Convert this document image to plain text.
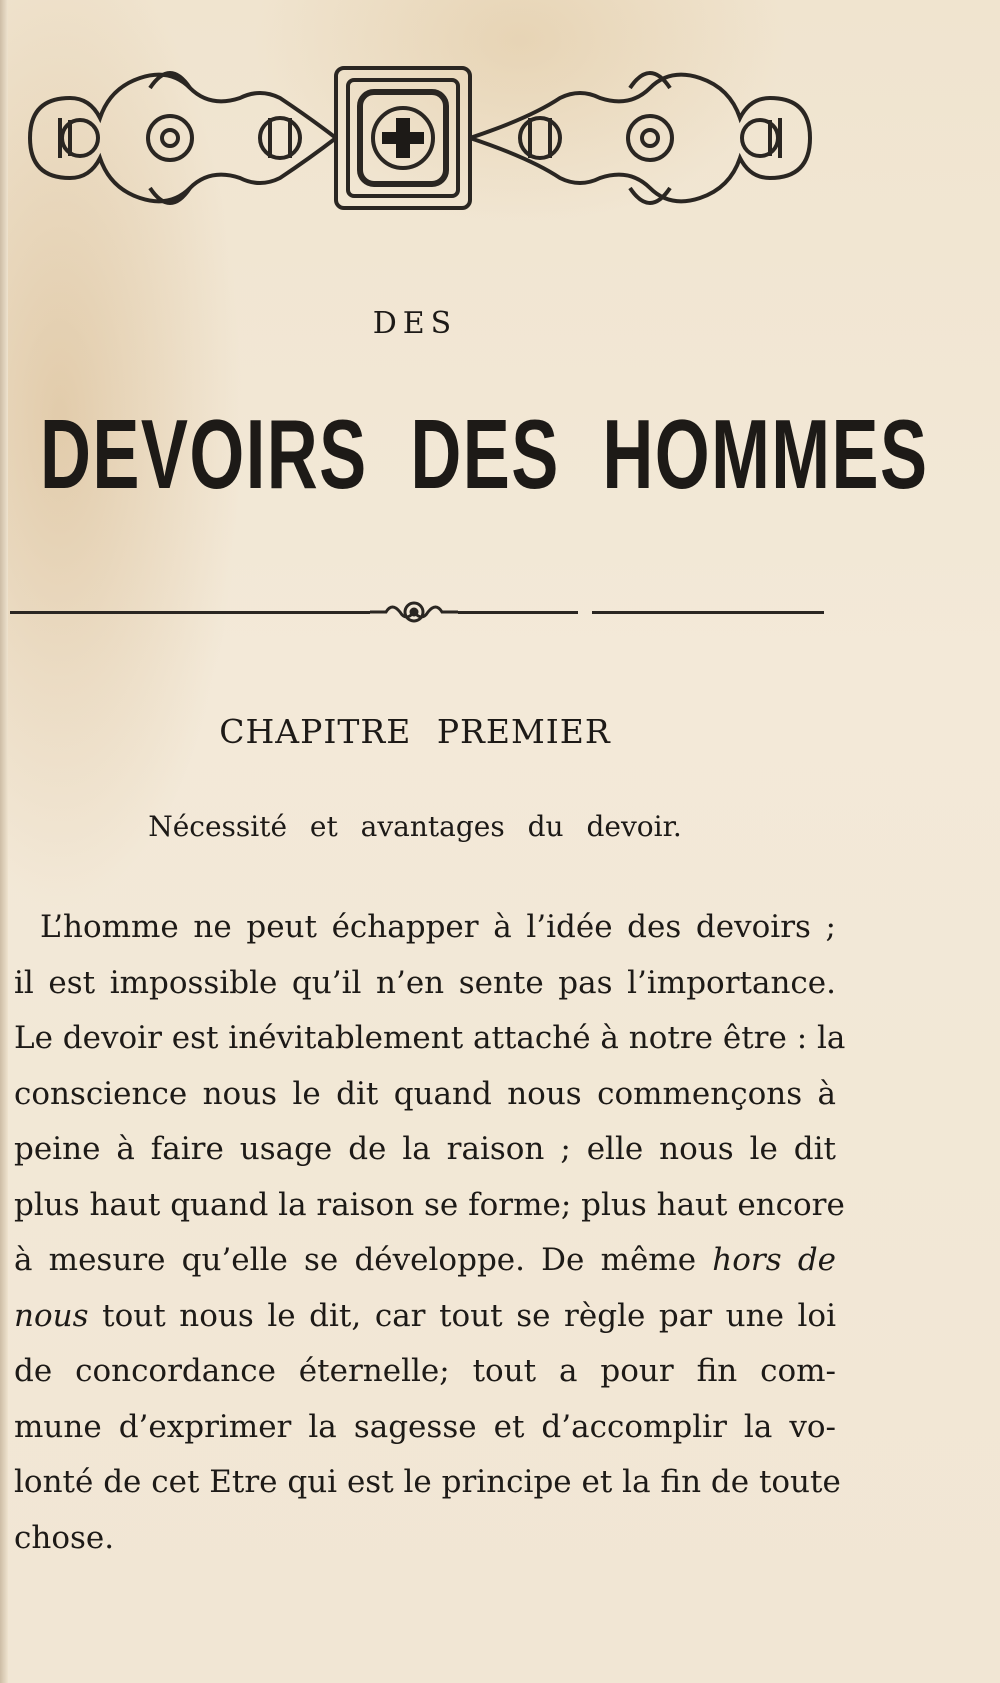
DES
DEVOIRS DES HOMMES
CHAPITRE PREMIER
Nécessité et avantages du devoir.
L’homme ne peut échapper à l’idée des devoirs ;
il est impossible qu’il n’en sente pas l’importance.
Le devoir est inévitablement attaché à notre être : la
conscience nous le dit quand nous commençons à
peine à faire usage de la raison ; elle nous le dit
plus haut quand la raison se forme; plus haut encore
à mesure qu’elle se développe. De même hors de
nous tout nous le dit, car tout se règle par une loi
de concordance éternelle; tout a pour fin com-
mune d’exprimer la sagesse et d’accomplir la vo-
lonté de cet Etre qui est le principe et la fin de toute
chose.
